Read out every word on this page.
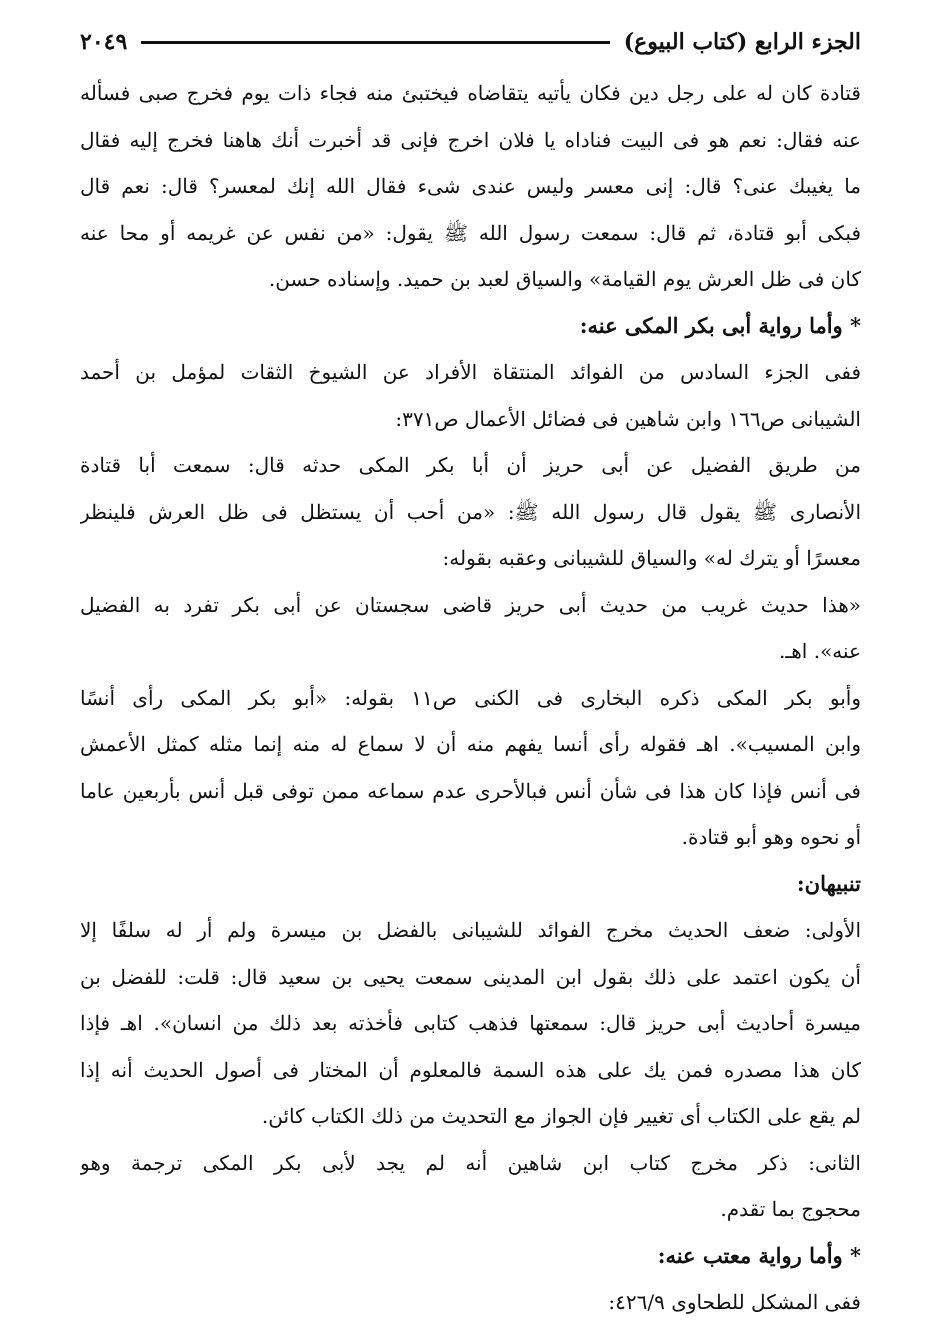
الجزء الرابع (كتاب البيوع)
٢٠٤٩
قتادة كان له على رجل دين فكان يأتيه يتقاضاه فيختبئ منه فجاء ذات يوم فخرج صبى فسأله
عنه فقال: نعم هو فى البيت فناداه يا فلان اخرج فإنى قد أخبرت أنك هاهنا فخرج إليه فقال
ما يغيبك عنى؟ قال: إنى معسر وليس عندى شىء فقال الله إنك لمعسر؟ قال: نعم قال
فبكى أبو قتادة، ثم قال: سمعت رسول الله ﷺ يقول: «من نفس عن غريمه أو محا عنه
كان فى ظل العرش يوم القيامة» والسياق لعبد بن حميد. وإسناده حسن.
* وأما رواية أبى بكر المكى عنه:
ففى الجزء السادس من الفوائد المنتقاة الأفراد عن الشيوخ الثقات لمؤمل بن أحمد
الشيبانى ص١٦٦ وابن شاهين فى فضائل الأعمال ص٣٧١:
من طريق الفضيل عن أبى حريز أن أبا بكر المكى حدثه قال: سمعت أبا قتادة
الأنصارى ﷺ يقول قال رسول الله ﷺ: «من أحب أن يستظل فى ظل العرش فلينظر
معسرًا أو يترك له» والسياق للشيبانى وعقبه بقوله:
«هذا حديث غريب من حديث أبى حريز قاضى سجستان عن أبى بكر تفرد به الفضيل
عنه». اهـ.
وأبو بكر المكى ذكره البخارى فى الكنى ص١١ بقوله: «أبو بكر المكى رأى أنسًا
وابن المسيب». اهـ فقوله رأى أنسا يفهم منه أن لا سماع له منه إنما مثله كمثل الأعمش
فى أنس فإذا كان هذا فى شأن أنس فبالأحرى عدم سماعه ممن توفى قبل أنس بأربعين عاما
أو نحوه وهو أبو قتادة.
تنبيهان:
الأولى: ضعف الحديث مخرج الفوائد للشيبانى بالفضل بن ميسرة ولم أر له سلفًا إلا
أن يكون اعتمد على ذلك بقول ابن المدينى سمعت يحيى بن سعيد قال: قلت: للفضل بن
ميسرة أحاديث أبى حريز قال: سمعتها فذهب كتابى فأخذته بعد ذلك من انسان». اهـ فإذا
كان هذا مصدره فمن يك على هذه السمة فالمعلوم أن المختار فى أصول الحديث أنه إذا
لم يقع على الكتاب أى تغيير فإن الجواز مع التحديث من ذلك الكتاب كائن.
الثانى: ذكر مخرج كتاب ابن شاهين أنه لم يجد لأبى بكر المكى ترجمة وهو
محجوج بما تقدم.
* وأما رواية معتب عنه:
ففى المشكل للطحاوى ٤٢٦/٩:
